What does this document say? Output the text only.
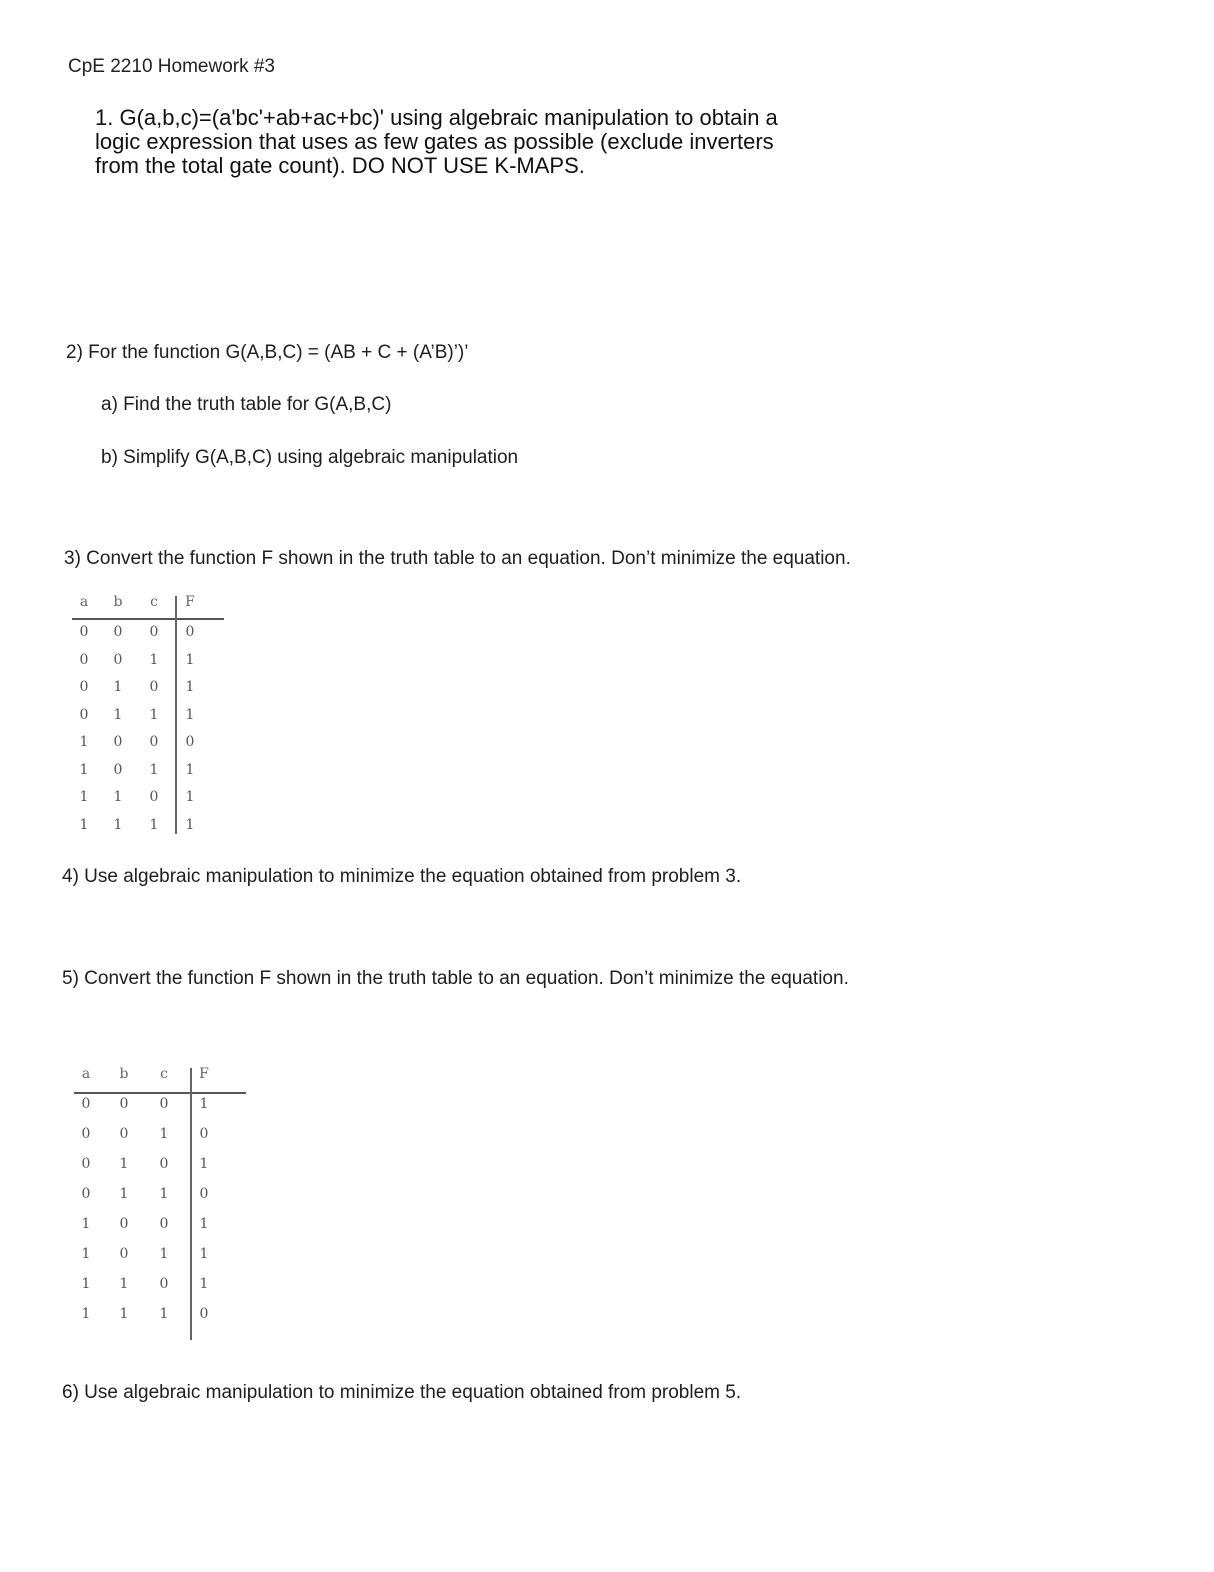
CpE 2210 Homework #3
1. G(a,b,c)=(a'bc'+ab+ac+bc)' using algebraic manipulation to obtain a
logic expression that uses as few gates as possible (exclude inverters
from the total gate count). DO NOT USE K-MAPS.
2) For the function G(A,B,C) = (AB + C + (A’B)’)’
a) Find the truth table for G(A,B,C)
b) Simplify G(A,B,C) using algebraic manipulation
3) Convert the function F shown in the truth table to an equation. Don’t minimize the equation.
a	b	c	F
0	0	0	0
0	0	1	1
0	1	0	1
0	1	1	1
1	0	0	0
1	0	1	1
1	1	0	1
1	1	1	1
4) Use algebraic manipulation to minimize the equation obtained from problem 3.
5) Convert the function F shown in the truth table to an equation. Don’t minimize the equation.
a	b	c	F
0	0	0	1
0	0	1	0
0	1	0	1
0	1	1	0
1	0	0	1
1	0	1	1
1	1	0	1
1	1	1	0
6) Use algebraic manipulation to minimize the equation obtained from problem 5.
